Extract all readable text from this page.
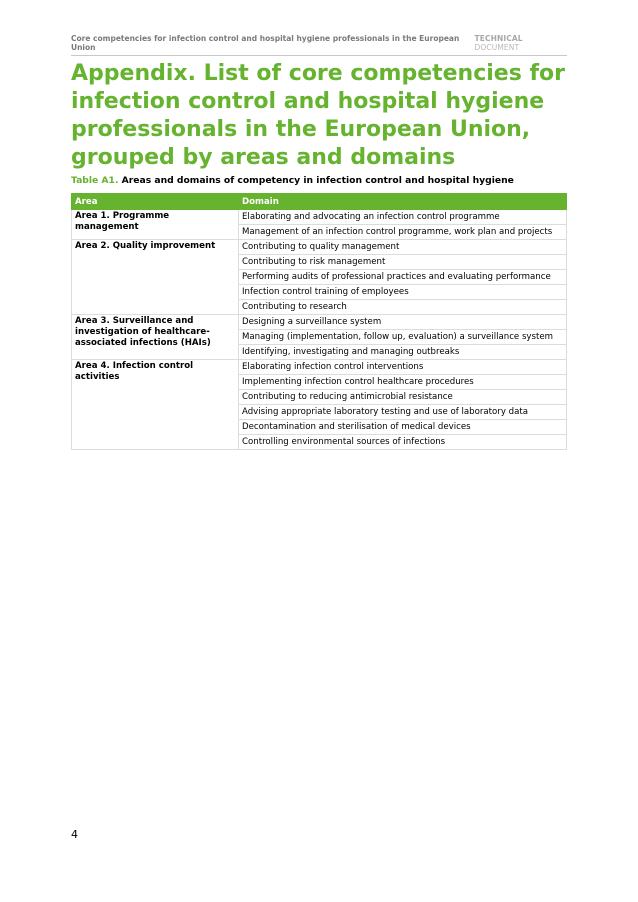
Core competencies for infection control and hospital hygiene professionals in the European Union
TECHNICAL DOCUMENT
Appendix. List of core competencies for infection control and hospital hygiene professionals in the European Union, grouped by areas and domains
Table A1. Areas and domains of competency in infection control and hospital hygiene
Area	Domain
Area 1. Programme management	Elaborating and advocating an infection control programme
	Management of an infection control programme, work plan and projects
Area 2. Quality improvement	Contributing to quality management
	Contributing to risk management
	Performing audits of professional practices and evaluating performance
	Infection control training of employees
	Contributing to research
Area 3. Surveillance and investigation of healthcare-associated infections (HAIs)	Designing a surveillance system
	Managing (implementation, follow up, evaluation) a surveillance system
	Identifying, investigating and managing outbreaks
Area 4. Infection control activities	Elaborating infection control interventions
	Implementing infection control healthcare procedures
	Contributing to reducing antimicrobial resistance
	Advising appropriate laboratory testing and use of laboratory data
	Decontamination and sterilisation of medical devices
	Controlling environmental sources of infections
4
